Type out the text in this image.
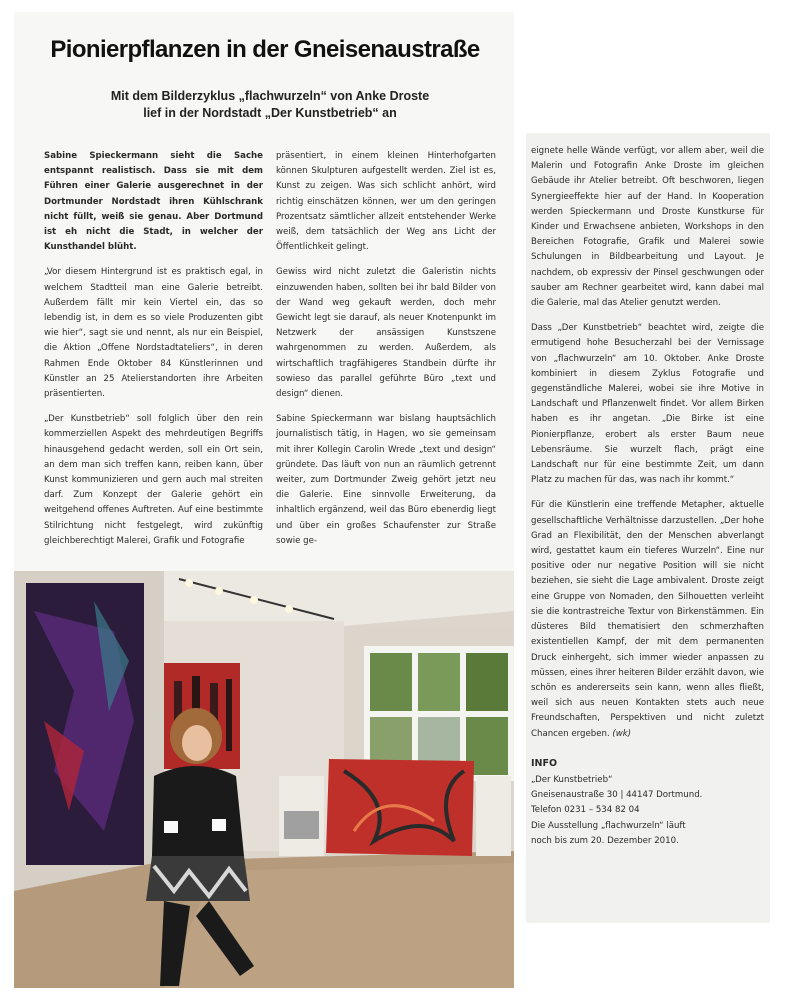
Pionierpflanzen in der Gneisenaustraße
Mit dem Bilderzyklus „flachwurzeln“ von Anke Droste
lief in der Nordstadt „Der Kunstbetrieb“ an

Sabine Spieckermann sieht die Sache entspannt realistisch. Dass sie mit dem Führen einer Galerie ausgerechnet in der Dortmunder Nordstadt ihren Kühlschrank nicht füllt, weiß sie genau. Aber Dortmund ist eh nicht die Stadt, in welcher der Kunsthandel blüht.

„Vor diesem Hintergrund ist es praktisch egal, in welchem Stadtteil man eine Galerie betreibt. Außerdem fällt mir kein Viertel ein, das so lebendig ist, in dem es so viele Produzenten gibt wie hier“, sagt sie und nennt, als nur ein Beispiel, die Aktion „Offene Nordstadtateliers“, in deren Rahmen Ende Oktober 84 Künstlerinnen und Künstler an 25 Atelierstandorten ihre Arbeiten präsentierten.

„Der Kunstbetrieb“ soll folglich über den rein kommerziellen Aspekt des mehrdeutigen Begriffs hinausgehend gedacht werden, soll ein Ort sein, an dem man sich treffen kann, reiben kann, über Kunst kommunizieren und gern auch mal streiten darf. Zum Konzept der Galerie gehört ein weitgehend offenes Auftreten. Auf eine bestimmte Stilrichtung nicht festgelegt, wird zukünftig gleichberechtigt Malerei, Grafik und Fotografie

präsentiert, in einem kleinen Hinterhofgarten können Skulpturen aufgestellt werden. Ziel ist es, Kunst zu zeigen. Was sich schlicht anhört, wird richtig einschätzen können, wer um den geringen Prozentsatz sämtlicher allzeit entstehender Werke weiß, dem tatsächlich der Weg ans Licht der Öffentlichkeit gelingt.

Gewiss wird nicht zuletzt die Galeristin nichts einzuwenden haben, sollten bei ihr bald Bilder von der Wand weg gekauft werden, doch mehr Gewicht legt sie darauf, als neuer Knotenpunkt im Netzwerk der ansässigen Kunstszene wahrgenommen zu werden. Außerdem, als wirtschaftlich tragfähigeres Standbein dürfte ihr sowieso das parallel geführte Büro „text und design“ dienen.

Sabine Spieckermann war bislang hauptsächlich journalistisch tätig, in Hagen, wo sie gemeinsam mit ihrer Kollegin Carolin Wrede „text und design“ gründete. Das läuft von nun an räumlich getrennt weiter, zum Dortmunder Zweig gehört jetzt neu die Galerie. Eine sinnvolle Erweiterung, da inhaltlich ergänzend, weil das Büro ebenerdig liegt und über ein großes Schaufenster zur Straße sowie ge-

eignete helle Wände verfügt, vor allem aber, weil die Malerin und Fotografin Anke Droste im gleichen Gebäude ihr Atelier betreibt. Oft beschworen, liegen Synergieeffekte hier auf der Hand. In Kooperation werden Spieckermann und Droste Kunstkurse für Kinder und Erwachsene anbieten, Workshops in den Bereichen Fotografie, Grafik und Malerei sowie Schulungen in Bildbearbeitung und Layout. Je nachdem, ob expressiv der Pinsel geschwungen oder sauber am Rechner gearbeitet wird, kann dabei mal die Galerie, mal das Atelier genutzt werden.

Dass „Der Kunstbetrieb“ beachtet wird, zeigte die ermutigend hohe Besucherzahl bei der Vernissage von „flachwurzeln“ am 10. Oktober. Anke Droste kombiniert in diesem Zyklus Fotografie und gegenständliche Malerei, wobei sie ihre Motive in Landschaft und Pflanzenwelt findet. Vor allem Birken haben es ihr angetan. „Die Birke ist eine Pionierpflanze, erobert als erster Baum neue Lebensräume. Sie wurzelt flach, prägt eine Landschaft nur für eine bestimmte Zeit, um dann Platz zu machen für das, was nach ihr kommt.“

Für die Künstlerin eine treffende Metapher, aktuelle gesellschaftliche Verhältnisse darzustellen. „Der hohe Grad an Flexibilität, den der Menschen abverlangt wird, gestattet kaum ein tieferes Wurzeln“. Eine nur positive oder nur negative Position will sie nicht beziehen, sie sieht die Lage ambivalent. Droste zeigt eine Gruppe von Nomaden, den Silhouetten verleiht sie die kontrastreiche Textur von Birkenstämmen. Ein düsteres Bild thematisiert den schmerzhaften existentiellen Kampf, der mit dem permanenten Druck einhergeht, sich immer wieder anpassen zu müssen, eines ihrer heiteren Bilder erzählt davon, wie schön es andererseits sein kann, wenn alles fließt, weil sich aus neuen Kontakten stets auch neue Freundschaften, Perspektiven und nicht zuletzt Chancen ergeben. (wk)

INFO

„Der Kunstbetrieb“

Gneisenaustraße 30 | 44147 Dortmund.

Telefon 0231 – 534 82 04

Die Ausstellung „flachwurzeln“ läuft

noch bis zum 20. Dezember 2010.
